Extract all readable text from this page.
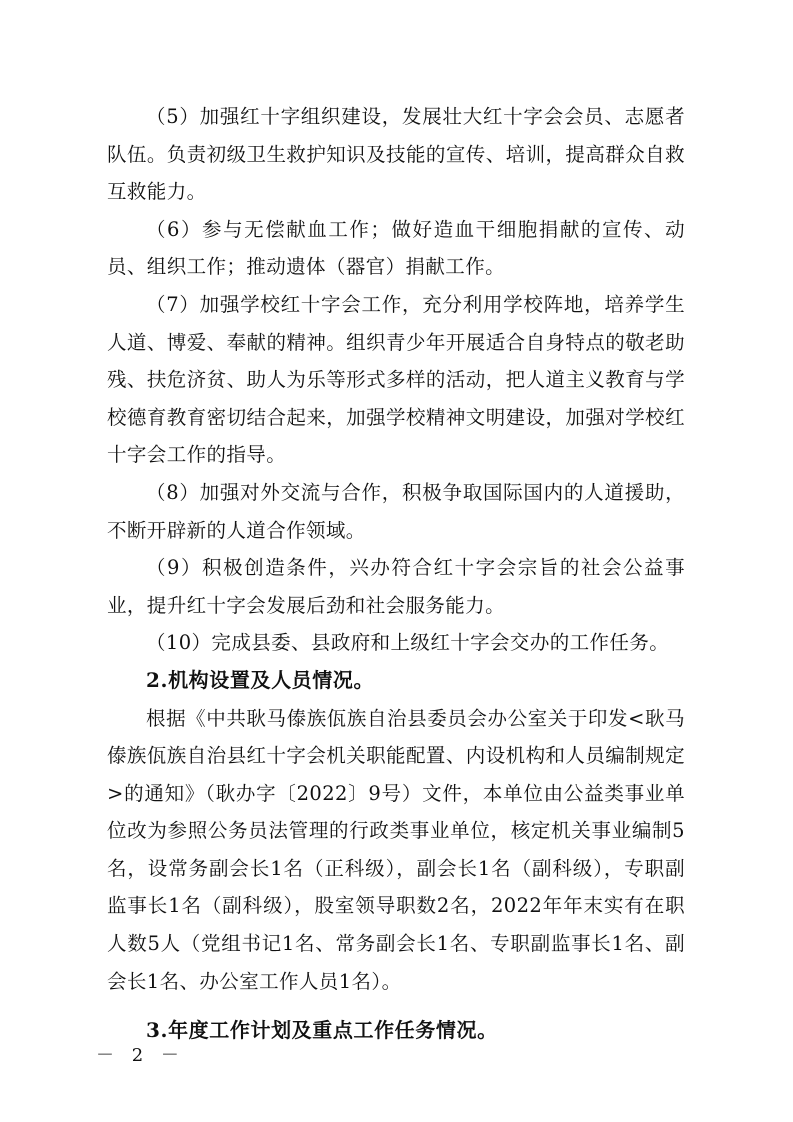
（5）加强红十字组织建设，发展壮大红十字会会员、志愿者队伍。负责初级卫生救护知识及技能的宣传、培训，提高群众自救互救能力。

（6）参与无偿献血工作；做好造血干细胞捐献的宣传、动员、组织工作；推动遗体（器官）捐献工作。

（7）加强学校红十字会工作，充分利用学校阵地，培养学生人道、博爱、奉献的精神。组织青少年开展适合自身特点的敬老助残、扶危济贫、助人为乐等形式多样的活动，把人道主义教育与学校德育教育密切结合起来，加强学校精神文明建设，加强对学校红十字会工作的指导。

（8）加强对外交流与合作，积极争取国际国内的人道援助，不断开辟新的人道合作领域。

（9）积极创造条件，兴办符合红十字会宗旨的社会公益事业，提升红十字会发展后劲和社会服务能力。

（10）完成县委、县政府和上级红十字会交办的工作任务。

2.机构设置及人员情况。

根据《中共耿马傣族佤族自治县委员会办公室关于印发<耿马傣族佤族自治县红十字会机关职能配置、内设机构和人员编制规定>的通知》（耿办字〔2022〕9号）文件，本单位由公益类事业单位改为参照公务员法管理的行政类事业单位，核定机关事业编制5名，设常务副会长1名（正科级），副会长1名（副科级），专职副监事长1名（副科级），股室领导职数2名，2022年年末实有在职人数5人（党组书记1名、常务副会长1名、专职副监事长1名、副会长1名、办公室工作人员1名）。

3.年度工作计划及重点工作任务情况。

－ 2 －
